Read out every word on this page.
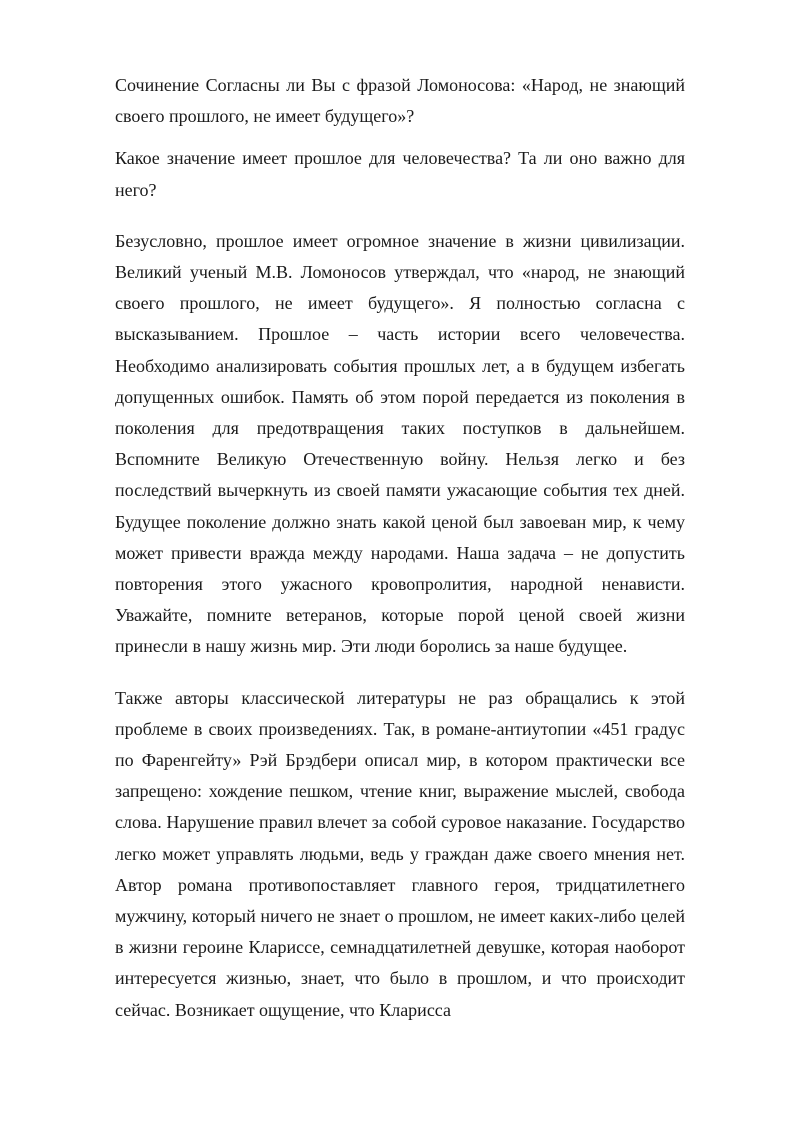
Сочинение Согласны ли Вы с фразой Ломоносова: «Народ, не знающий своего прошлого, не имеет будущего»?

Какое значение имеет прошлое для человечества? Та ли оно важно для него?

Безусловно, прошлое имеет огромное значение в жизни цивилизации. Великий ученый М.В. Ломоносов утверждал, что «народ, не знающий своего прошлого, не имеет будущего». Я полностью согласна с высказыванием. Прошлое – часть истории всего человечества. Необходимо анализировать события прошлых лет, а в будущем избегать допущенных ошибок. Память об этом порой передается из поколения в поколения для предотвращения таких поступков в дальнейшем. Вспомните Великую Отечественную войну. Нельзя легко и без последствий вычеркнуть из своей памяти ужасающие события тех дней. Будущее поколение должно знать какой ценой был завоеван мир, к чему может привести вражда между народами. Наша задача – не допустить повторения этого ужасного кровопролития, народной ненависти. Уважайте, помните ветеранов, которые порой ценой своей жизни принесли в нашу жизнь мир. Эти люди боролись за наше будущее.

Также авторы классической литературы не раз обращались к этой проблеме в своих произведениях. Так, в романе-антиутопии «451 градус по Фаренгейту» Рэй Брэдбери описал мир, в котором практически все запрещено: хождение пешком, чтение книг, выражение мыслей, свобода слова. Нарушение правил влечет за собой суровое наказание. Государство легко может управлять людьми, ведь у граждан даже своего мнения нет. Автор романа противопоставляет главного героя, тридцатилетнего мужчину, который ничего не знает о прошлом, не имеет каких-либо целей в жизни героине Клариссе, семнадцатилетней девушке, которая наоборот интересуется жизнью, знает, что было в прошлом, и что происходит сейчас. Возникает ощущение, что Кларисса
